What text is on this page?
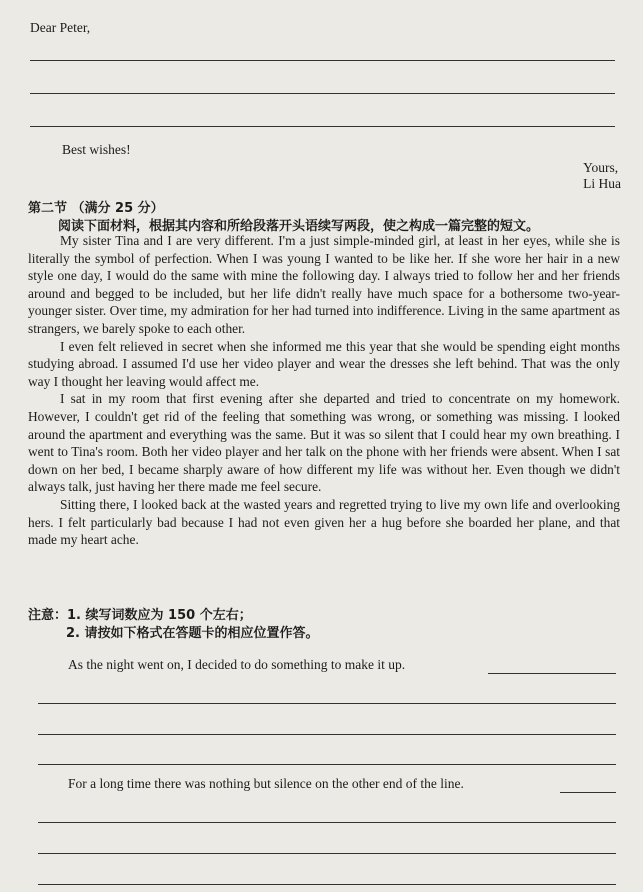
Dear Peter,
Best wishes!
Yours,
Li Hua
第二节 （满分 25 分）
阅读下面材料，根据其内容和所给段落开头语续写两段，使之构成一篇完整的短文。

My sister Tina and I are very different. I'm a just simple-minded girl, at least in her eyes, while she is literally the symbol of perfection. When I was young I wanted to be like her. If she wore her hair in a new style one day, I would do the same with mine the following day. I always tried to follow her and her friends around and begged to be included, but her life didn't really have much space for a bothersome two-year-younger sister. Over time, my admiration for her had turned into indifference. Living in the same apartment as strangers, we barely spoke to each other.

I even felt relieved in secret when she informed me this year that she would be spending eight months studying abroad. I assumed I'd use her video player and wear the dresses she left behind. That was the only way I thought her leaving would affect me.

I sat in my room that first evening after she departed and tried to concentrate on my homework. However, I couldn't get rid of the feeling that something was wrong, or something was missing. I looked around the apartment and everything was the same. But it was so silent that I could hear my own breathing. I went to Tina's room. Both her video player and her talk on the phone with her friends were absent. When I sat down on her bed, I became sharply aware of how different my life was without her. Even though we didn't always talk, just having her there made me feel secure.

Sitting there, I looked back at the wasted years and regretted trying to live my own life and overlooking hers. I felt particularly bad because I had not even given her a hug before she boarded her plane, and that made my heart ache.

注意：1. 续写词数应为 150 个左右；
2. 请按如下格式在答题卡的相应位置作答。
As the night went on, I decided to do something to make it up.
For a long time there was nothing but silence on the other end of the line.
